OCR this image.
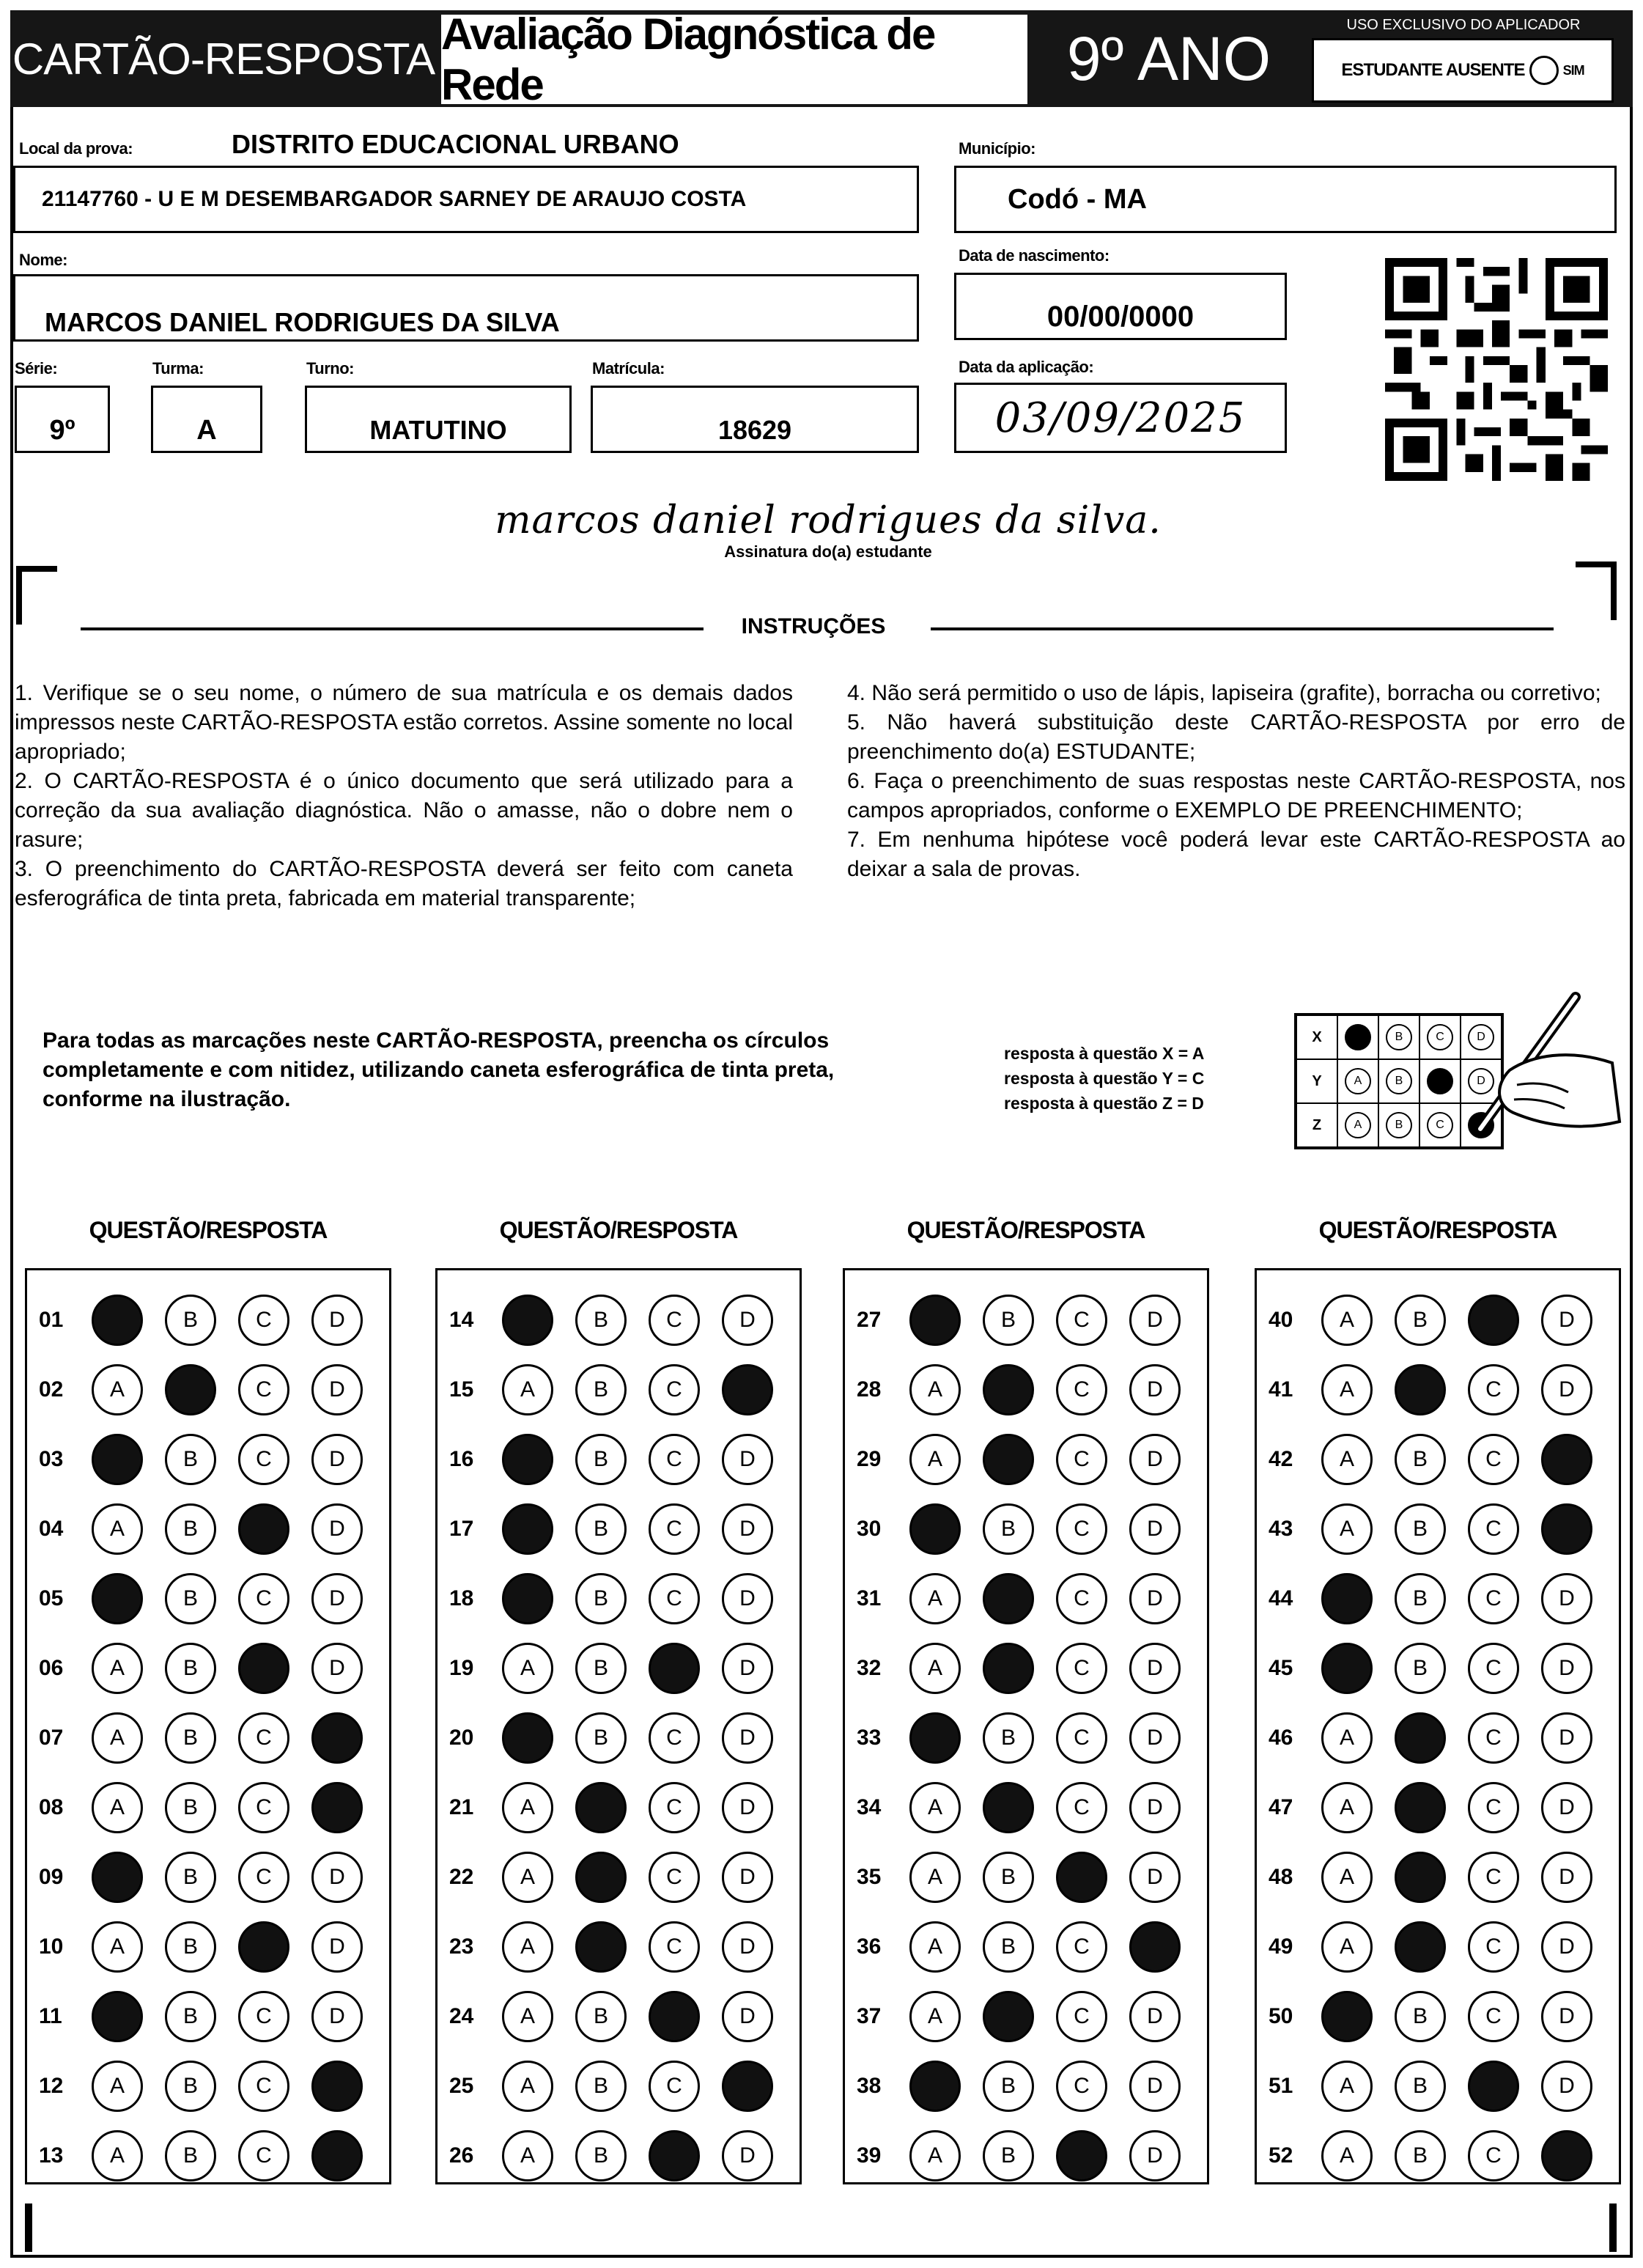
CARTÃO-RESPOSTA Avaliação Diagnóstica de Rede	9º ANO	USO EXCLUSIVO DO APLICADOR
ESTUDANTE AUSENTE	SIM
Local da prova:	DISTRITO EDUCACIONAL URBANO
21147760 - U E M DESEMBARGADOR SARNEY DE ARAUJO COSTA
Município:
Codó - MA
Nome:
MARCOS DANIEL RODRIGUES DA SILVA
Data de nascimento:
00/00/0000
Série:
9º
Turma:
A
Turno:
MATUTINO
Matrícula:
18629
Data da aplicação:
03/09/2025
marcos daniel rodrigues da silva.
Assinatura do(a) estudante
INSTRUÇÕES

1. Verifique se o seu nome, o número de sua matrícula e os demais dados impressos neste CARTÃO-RESPOSTA estão corretos. Assine somente no local apropriado;

2. O CARTÃO-RESPOSTA é o único documento que será utilizado para a correção da sua avaliação diagnóstica. Não o amasse, não o dobre nem o rasure;

3. O preenchimento do CARTÃO-RESPOSTA deverá ser feito com caneta esferográfica de tinta preta, fabricada em material transparente;

4. Não será permitido o uso de lápis, lapiseira (grafite), borracha ou corretivo;

5. Não haverá substituição deste CARTÃO-RESPOSTA por erro de preenchimento do(a) ESTUDANTE;

6. Faça o preenchimento de suas respostas neste CARTÃO-RESPOSTA, nos campos apropriados, conforme o EXEMPLO DE PREENCHIMENTO;

7. Em nenhuma hipótese você poderá levar este CARTÃO-RESPOSTA ao deixar a sala de provas.

Para todas as marcações neste CARTÃO-RESPOSTA, preencha os círculos completamente e com nitidez, utilizando caneta esferográfica de tinta preta, conforme na ilustração.
resposta à questão X = A
resposta à questão Y = C
resposta à questão Z = D
X	B	C	D
Y	A	B	D
Z	A	B	C
QUESTÃO/RESPOSTA
01	B	C	D
02	A	C	D
03	B	C	D
04	A	B	D
05	B	C	D
06	A	B	D
07	A	B	C
08	A	B	C
09	B	C	D
10	A	B	D
11	B	C	D
12	A	B	C
13	A	B	C
QUESTÃO/RESPOSTA
14	B	C	D
15	A	B	C
16	B	C	D
17	B	C	D
18	B	C	D
19	A	B	D
20	B	C	D
21	A	C	D
22	A	C	D
23	A	C	D
24	A	B	D
25	A	B	C
26	A	B	D
QUESTÃO/RESPOSTA
27	B	C	D
28	A	C	D
29	A	C	D
30	B	C	D
31	A	C	D
32	A	C	D
33	B	C	D
34	A	C	D
35	A	B	D
36	A	B	C
37	A	C	D
38	B	C	D
39	A	B	D
QUESTÃO/RESPOSTA
40	A	B	D
41	A	C	D
42	A	B	C
43	A	B	C
44	B	C	D
45	B	C	D
46	A	C	D
47	A	C	D
48	A	C	D
49	A	C	D
50	B	C	D
51	A	B	D
52	A	B	C
